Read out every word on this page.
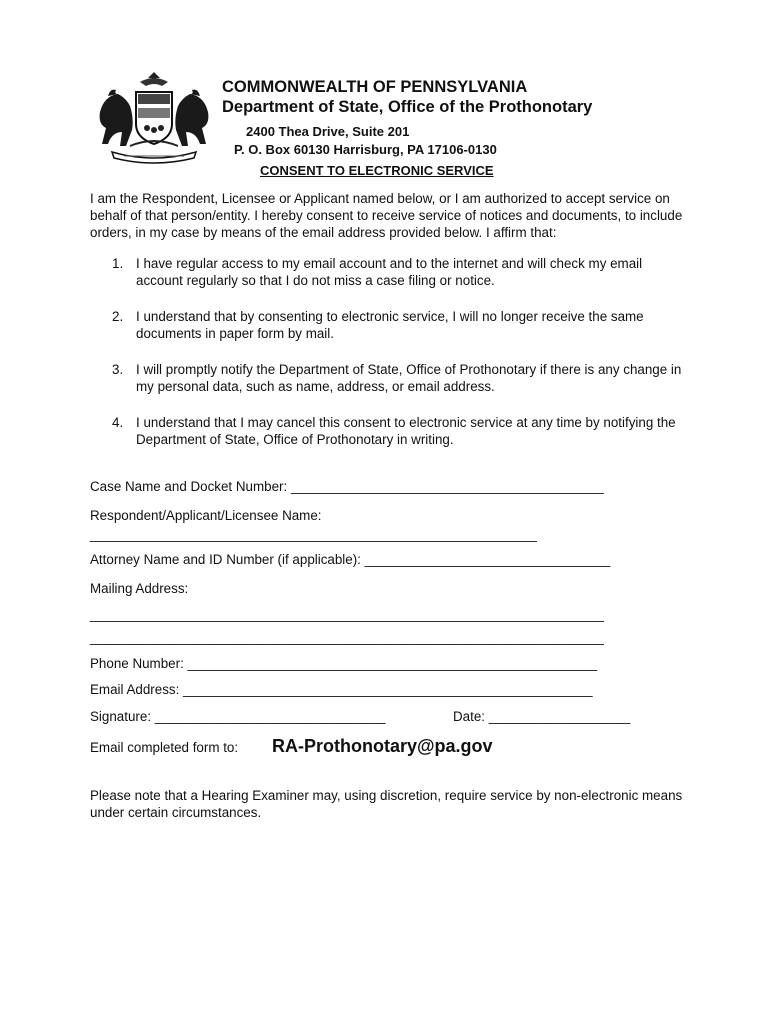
COMMONWEALTH OF PENNSYLVANIA
Department of State, Office of the Prothonotary
2400 Thea Drive, Suite 201
P. O. Box 60130 Harrisburg, PA 17106-0130
CONSENT TO ELECTRONIC SERVICE
I am the Respondent, Licensee or Applicant named below, or I am authorized to accept service on behalf of that person/entity. I hereby consent to receive service of notices and documents, to include orders, in my case by means of the email address provided below. I affirm that:
1. I have regular access to my email account and to the internet and will check my email account regularly so that I do not miss a case filing or notice.
2. I understand that by consenting to electronic service, I will no longer receive the same documents in paper form by mail.
3. I will promptly notify the Department of State, Office of Prothonotary if there is any change in my personal data, such as name, address, or email address.
4. I understand that I may cancel this consent to electronic service at any time by notifying the Department of State, Office of Prothonotary in writing.
Case Name and Docket Number: __________________________________________
Respondent/Applicant/Licensee Name:
____________________________________________________________
Attorney Name and ID Number (if applicable): _________________________________
Mailing Address:
_____________________________________________________________________
_____________________________________________________________________
Phone Number: _______________________________________________________
Email Address: _______________________________________________________
Signature: _______________________________	Date: ___________________
Email completed form to: RA-Prothonotary@pa.gov
Please note that a Hearing Examiner may, using discretion, require service by non-electronic means under certain circumstances.
